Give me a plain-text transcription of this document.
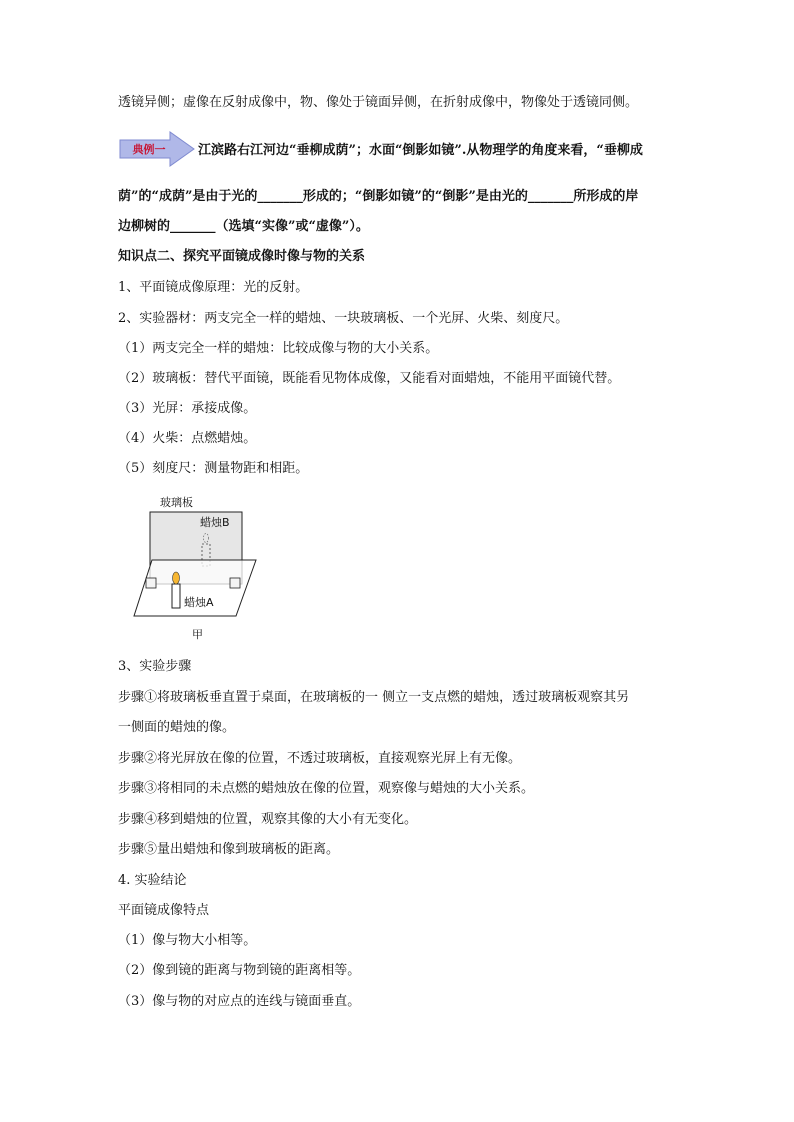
透镜异侧；虚像在反射成像中，物、像处于镜面异侧，在折射成像中，物像处于透镜同侧。
典例一	江滨路右江河边“垂柳成荫”；水面“倒影如镜”.从物理学的角度来看，“垂柳成
荫”的“成荫”是由于光的_______形成的；“倒影如镜”的“倒影”是由光的_______所形成的岸
边柳树的_______（选填“实像”或“虚像”）。
知识点二、探究平面镜成像时像与物的关系
1、平面镜成像原理：光的反射。
2、实验器材：两支完全一样的蜡烛、一块玻璃板、一个光屏、火柴、刻度尺。
（1）两支完全一样的蜡烛：比较成像与物的大小关系。
（2）玻璃板：替代平面镜，既能看见物体成像，又能看对面蜡烛，不能用平面镜代替。
（3）光屏：承接成像。
（4）火柴：点燃蜡烛。
（5）刻度尺：测量物距和相距。
玻璃板
蜡烛B
蜡烛A
甲
3、实验步骤
步骤①将玻璃板垂直置于桌面，在玻璃板的一 侧立一支点燃的蜡烛，透过玻璃板观察其另
一侧面的蜡烛的像。
步骤②将光屏放在像的位置，不透过玻璃板，直接观察光屏上有无像。
步骤③将相同的未点燃的蜡烛放在像的位置，观察像与蜡烛的大小关系。
步骤④移到蜡烛的位置，观察其像的大小有无变化。
步骤⑤量出蜡烛和像到玻璃板的距离。
4. 实验结论
平面镜成像特点
（1）像与物大小相等。
（2）像到镜的距离与物到镜的距离相等。
（3）像与物的对应点的连线与镜面垂直。
